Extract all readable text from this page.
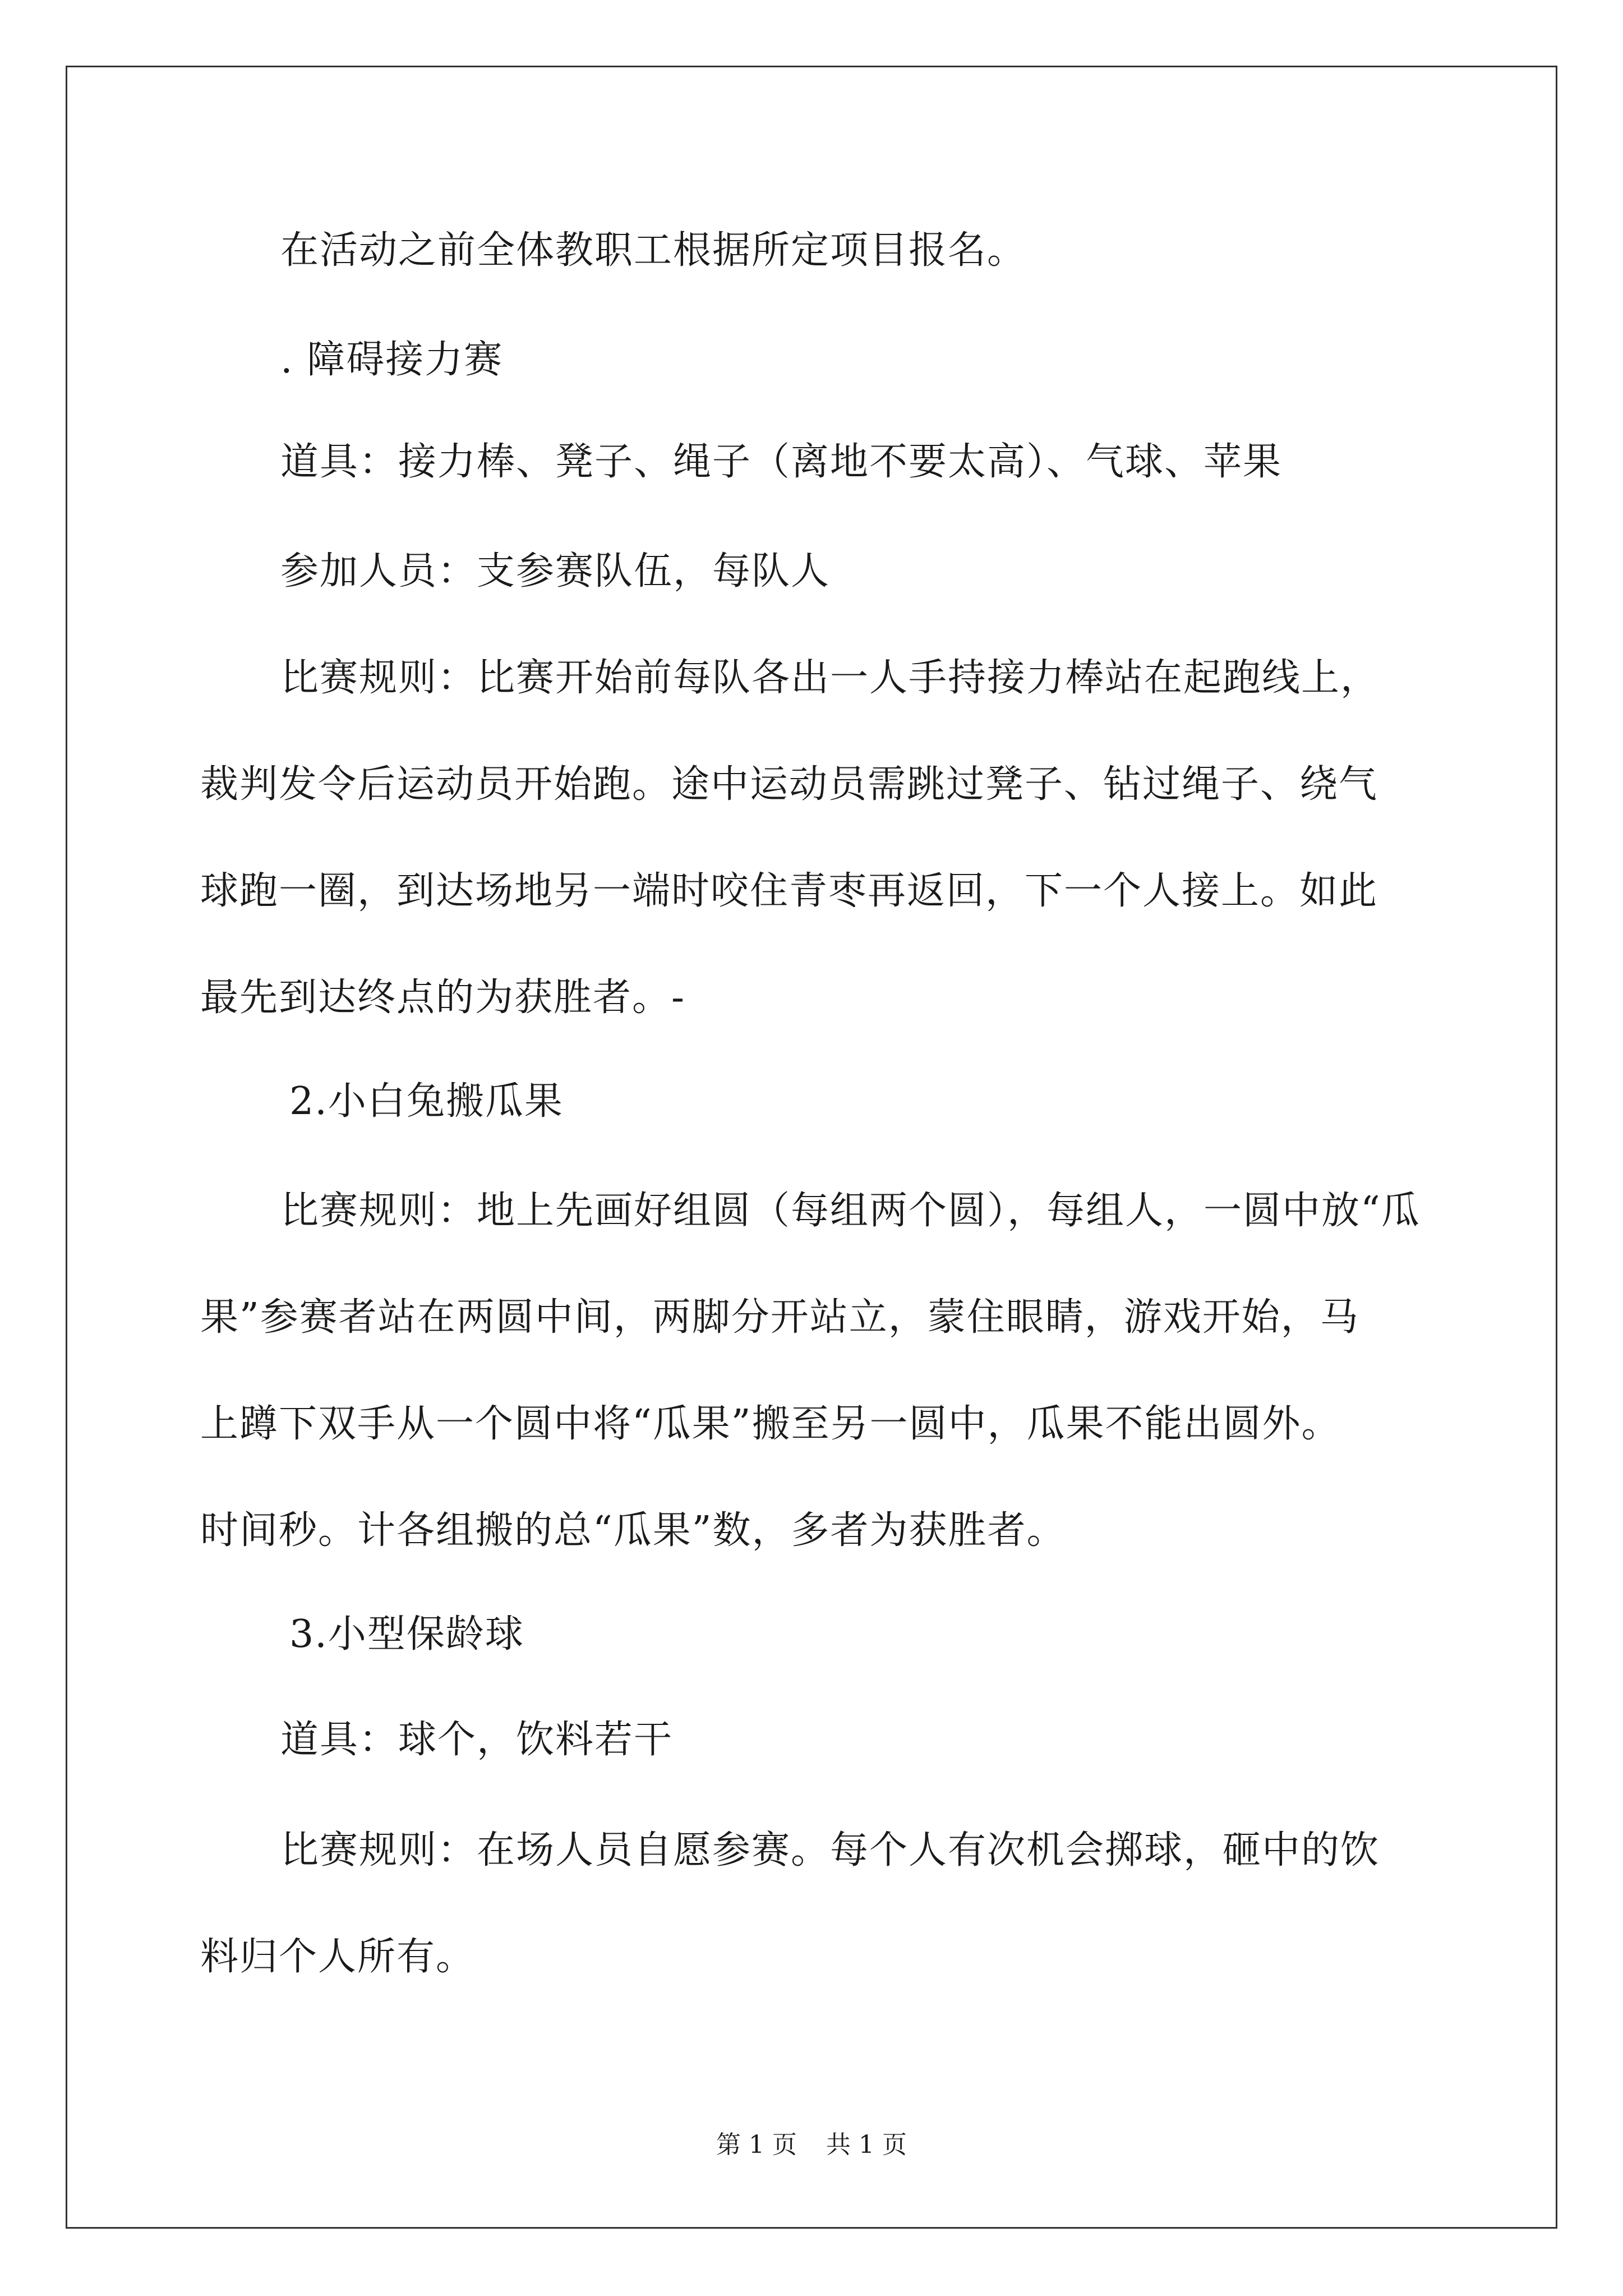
在活动之前全体教职工根据所定项目报名。

. 障碍接力赛

道具：接力棒、凳子、绳子（离地不要太高）、气球、苹果

参加人员：支参赛队伍，每队人

比赛规则：比赛开始前每队各出一人手持接力棒站在起跑线上，

裁判发令后运动员开始跑。途中运动员需跳过凳子、钻过绳子、绕气

球跑一圈，到达场地另一端时咬住青枣再返回，下一个人接上。如此

最先到达终点的为获胜者。-

2.小白兔搬瓜果

比赛规则：地上先画好组圆（每组两个圆），每组人，一圆中放“瓜

果”参赛者站在两圆中间，两脚分开站立，蒙住眼睛，游戏开始，马

上蹲下双手从一个圆中将“瓜果”搬至另一圆中，瓜果不能出圆外。

时间秒。计各组搬的总“瓜果”数，多者为获胜者。

3.小型保龄球

道具：球个，饮料若干

比赛规则：在场人员自愿参赛。每个人有次机会掷球，砸中的饮

料归个人所有。

第 1 页 共 1 页
